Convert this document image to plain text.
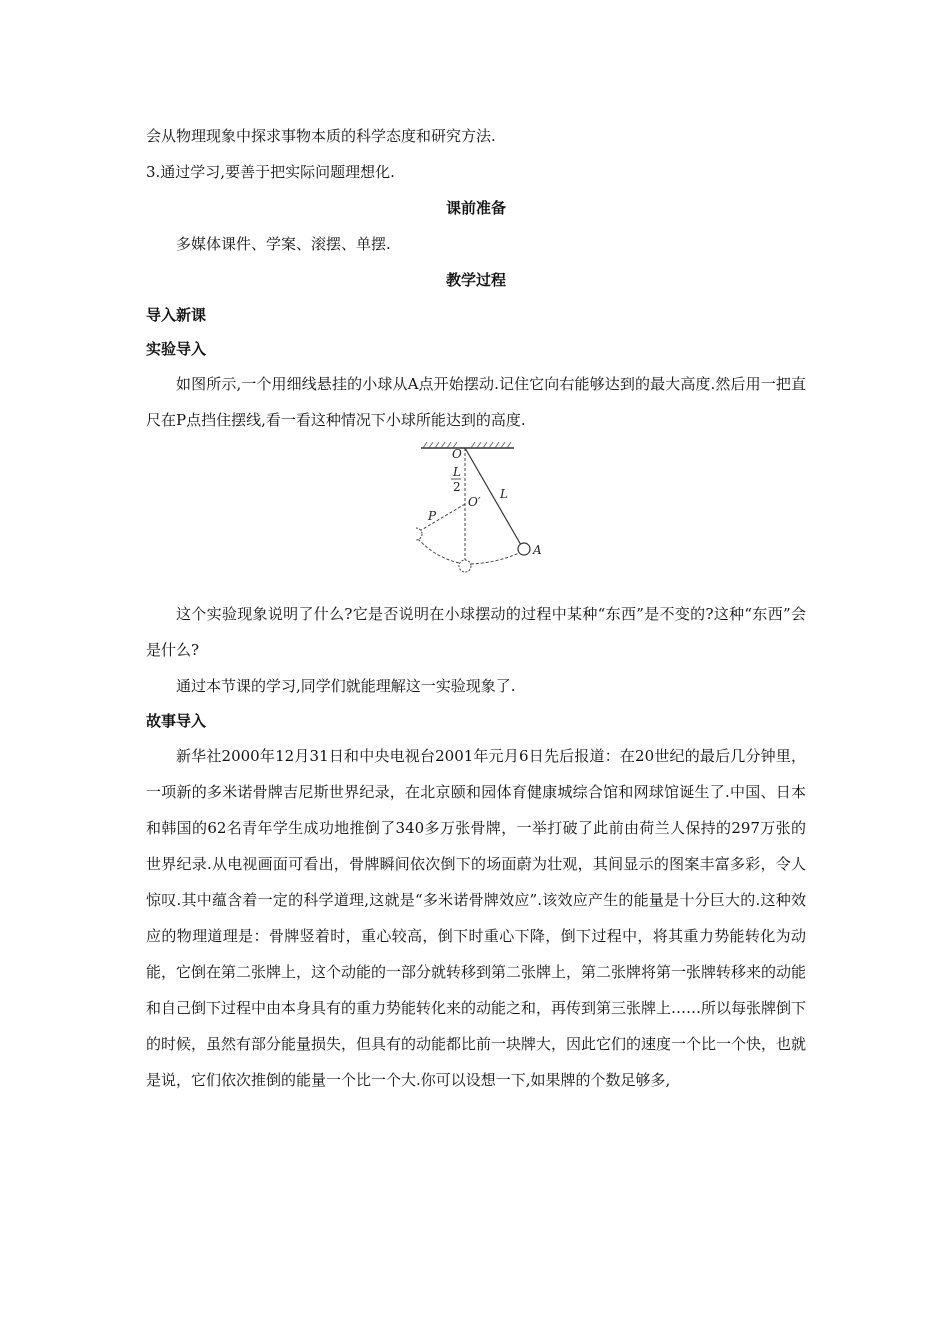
会从物理现象中探求事物本质的科学态度和研究方法.

3.通过学习,要善于把实际问题理想化.

课前准备

多媒体课件、学案、滚摆、单摆.

教学过程

导入新课

实验导入

如图所示,一个用细线悬挂的小球从A点开始摆动.记住它向右能够达到的最大高度.然后用一把直尺在P点挡住摆线,看一看这种情况下小球所能达到的高度.

O
L
2
O′
L
P
A

这个实验现象说明了什么?它是否说明在小球摆动的过程中某种“东西”是不变的?这种“东西”会是什么?

通过本节课的学习,同学们就能理解这一实验现象了.

故事导入

新华社2000年12月31日和中央电视台2001年元月6日先后报道：在20世纪的最后几分钟里，一项新的多米诺骨牌吉尼斯世界纪录，在北京颐和园体育健康城综合馆和网球馆诞生了.中国、日本和韩国的62名青年学生成功地推倒了340多万张骨牌，一举打破了此前由荷兰人保持的297万张的世界纪录.从电视画面可看出，骨牌瞬间依次倒下的场面蔚为壮观，其间显示的图案丰富多彩，令人惊叹.其中蕴含着一定的科学道理,这就是“多米诺骨牌效应”.该效应产生的能量是十分巨大的.这种效应的物理道理是：骨牌竖着时，重心较高，倒下时重心下降，倒下过程中，将其重力势能转化为动能，它倒在第二张牌上，这个动能的一部分就转移到第二张牌上，第二张牌将第一张牌转移来的动能和自己倒下过程中由本身具有的重力势能转化来的动能之和，再传到第三张牌上……所以每张牌倒下的时候，虽然有部分能量损失，但具有的动能都比前一块牌大，因此它们的速度一个比一个快，也就是说，它们依次推倒的能量一个比一个大.你可以设想一下,如果牌的个数足够多,
